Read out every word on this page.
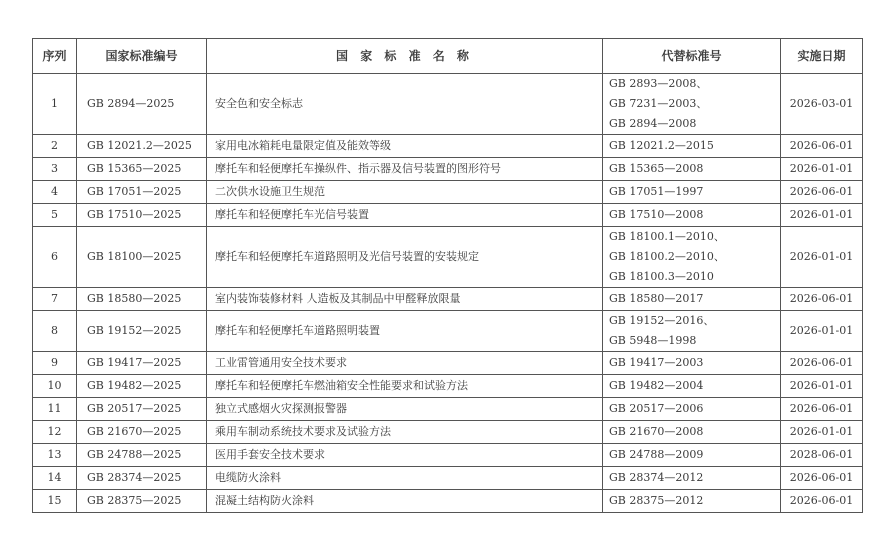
序列	国家标准编号	国 家 标 准 名 称	代替标准号	实施日期
1	GB 2894—2025	安全色和安全标志	GB 2893—2008、
GB 7231—2003、
GB 2894—2008	2026-03-01
2	GB 12021.2—2025	家用电冰箱耗电量限定值及能效等级	GB 12021.2—2015	2026-06-01
3	GB 15365—2025	摩托车和轻便摩托车操纵件、指示器及信号装置的图形符号	GB 15365—2008	2026-01-01
4	GB 17051—2025	二次供水设施卫生规范	GB 17051—1997	2026-06-01
5	GB 17510—2025	摩托车和轻便摩托车光信号装置	GB 17510—2008	2026-01-01
6	GB 18100—2025	摩托车和轻便摩托车道路照明及光信号装置的安装规定	GB 18100.1—2010、
GB 18100.2—2010、
GB 18100.3—2010	2026-01-01
7	GB 18580—2025	室内装饰装修材料 人造板及其制品中甲醛释放限量	GB 18580—2017	2026-06-01
8	GB 19152—2025	摩托车和轻便摩托车道路照明装置	GB 19152—2016、
GB 5948—1998	2026-01-01
9	GB 19417—2025	工业雷管通用安全技术要求	GB 19417—2003	2026-06-01
10	GB 19482—2025	摩托车和轻便摩托车燃油箱安全性能要求和试验方法	GB 19482—2004	2026-01-01
11	GB 20517—2025	独立式感烟火灾探测报警器	GB 20517—2006	2026-06-01
12	GB 21670—2025	乘用车制动系统技术要求及试验方法	GB 21670—2008	2026-01-01
13	GB 24788—2025	医用手套安全技术要求	GB 24788—2009	2028-06-01
14	GB 28374—2025	电缆防火涂料	GB 28374—2012	2026-06-01
15	GB 28375—2025	混凝土结构防火涂料	GB 28375—2012	2026-06-01
